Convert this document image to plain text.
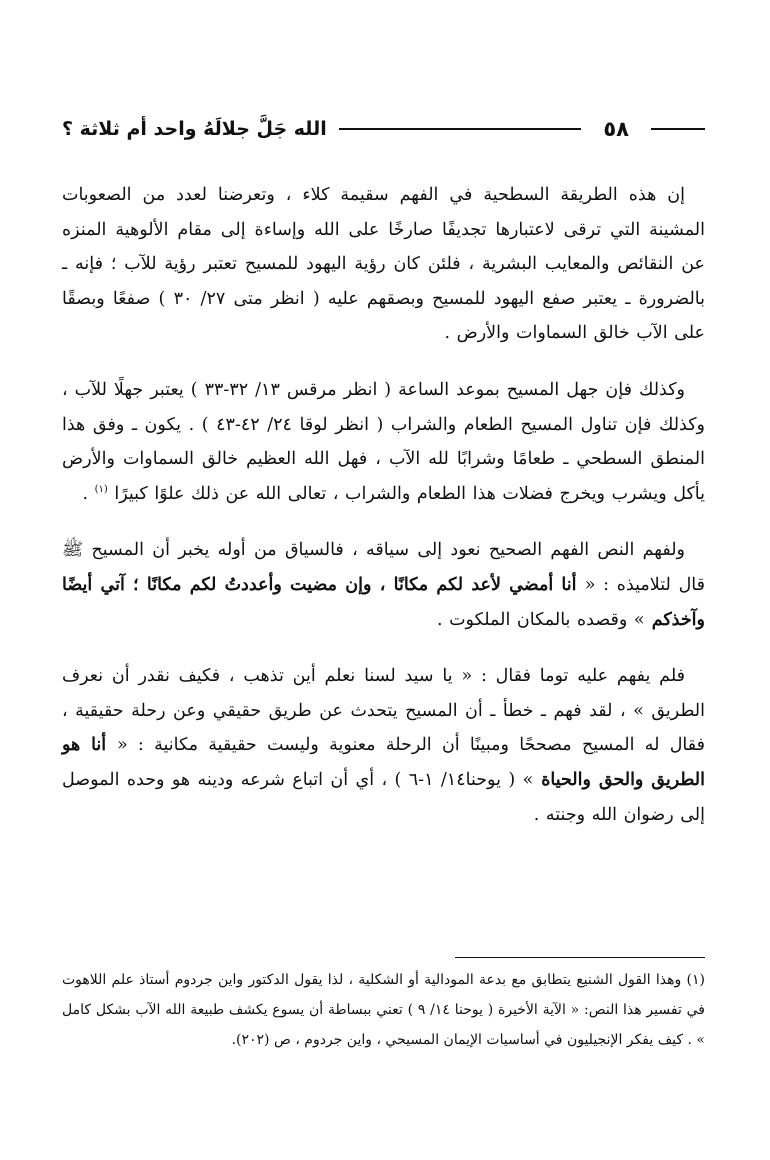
٥٨
الله جَلَّ جلالَهُ واحد أم ثلاثة ؟

إن هذه الطريقة السطحية في الفهم سقيمة كلاء ، وتعرضنا لعدد من الصعوبات المشينة التي ترقى لاعتبارها تجديفًا صارخًا على الله وإساءة إلى مقام الألوهية المنزه عن النقائص والمعايب البشرية ، فلئن كان رؤية اليهود للمسيح تعتبر رؤية للآب ؛ فإنه ـ بالضرورة ـ يعتبر صفع اليهود للمسيح وبصقهم عليه ( انظر متى ٢٧/ ٣٠ ) صفعًا وبصقًا على الآب خالق السماوات والأرض .

وكذلك فإن جهل المسيح بموعد الساعة ( انظر مرقس ١٣/ ٣٢-٣٣ ) يعتبر جهلًا للآب ، وكذلك فإن تناول المسيح الطعام والشراب ( انظر لوقا ٢٤/ ٤٢-٤٣ ) . يكون ـ وفق هذا المنطق السطحي ـ طعامًا وشرابًا لله الآب ، فهل الله العظيم خالق السماوات والأرض يأكل ويشرب ويخرج فضلات هذا الطعام والشراب ، تعالى الله عن ذلك علوًا كبيرًا $^{(١)}$ .

ولفهم النص الفهم الصحيح نعود إلى سياقه ، فالسياق من أوله يخبر أن المسيح ﷺ قال لتلاميذه : « أنا أمضي لأعد لكم مكانًا ، وإن مضيت وأعددتُ لكم مكانًا ؛ آتي أيضًا وآخذكم » وقصده بالمكان الملكوت .

فلم يفهم عليه توما فقال : « يا سيد لسنا نعلم أين تذهب ، فكيف نقدر أن نعرف الطريق » ، لقد فهم ـ خطأ ـ أن المسيح يتحدث عن طريق حقيقي وعن رحلة حقيقية ، فقال له المسيح مصححًا ومبينًا أن الرحلة معنوية وليست حقيقية مكانية : « أنا هو الطريق والحق والحياة » ( يوحنا١٤/ ١-٦ ) ، أي أن اتباع شرعه ودينه هو وحده الموصل إلى رضوان الله وجنته .

(١) وهذا القول الشنيع يتطابق مع بدعة المودالية أو الشكلية ، لذا يقول الدكتور واين جردوم أستاذ علم اللاهوت في تفسير هذا النص: « الآية الأخيرة ( يوحنا ١٤/ ٩ ) تعني ببساطة أن يسوع يكشف طبيعة الله الآب بشكل كامل » . كيف يفكر الإنجيليون في أساسيات الإيمان المسيحي ، واين جردوم ، ص (٢٠٢).
